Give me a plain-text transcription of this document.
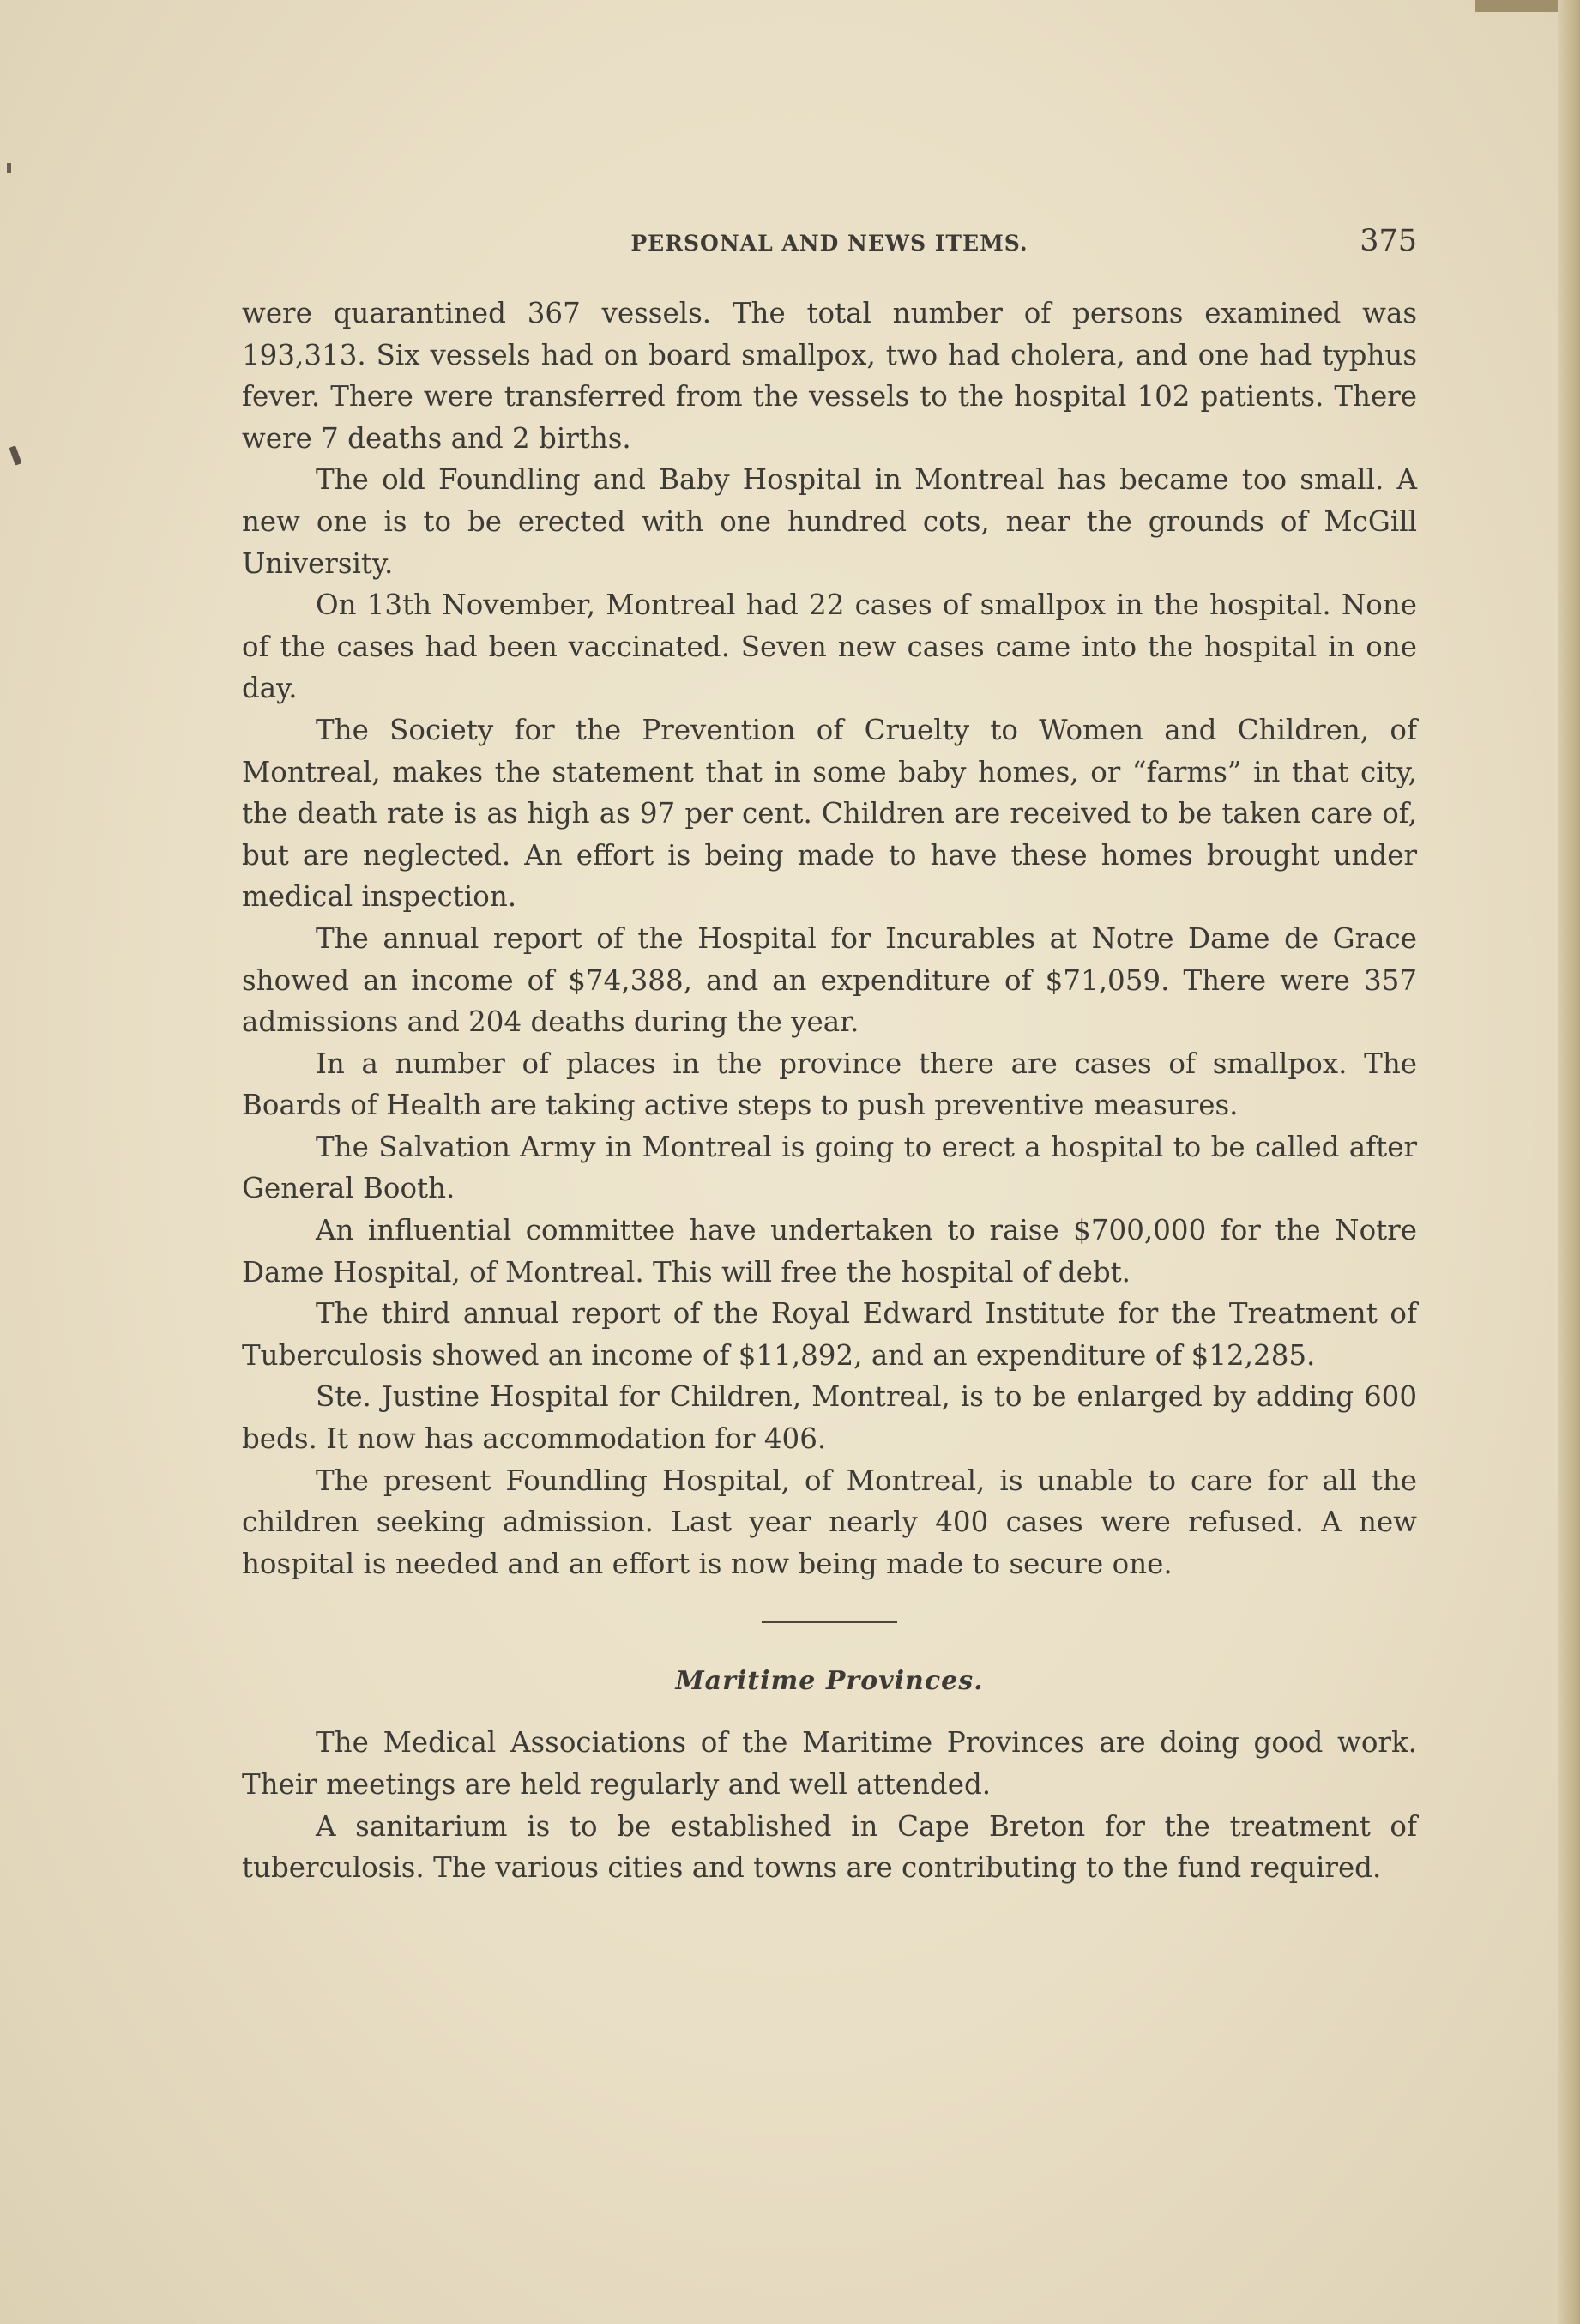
PERSONAL AND NEWS ITEMS.	375

were quarantined 367 vessels. The total number of persons examined was 193,313. Six vessels had on board smallpox, two had cholera, and one had typhus fever. There were transferred from the vessels to the hospital 102 patients. There were 7 deaths and 2 births.

The old Foundling and Baby Hospital in Montreal has became too small. A new one is to be erected with one hundred cots, near the grounds of McGill University.

On 13th November, Montreal had 22 cases of smallpox in the hospital. None of the cases had been vaccinated. Seven new cases came into the hospital in one day.

The Society for the Prevention of Cruelty to Women and Children, of Montreal, makes the statement that in some baby homes, or “farms” in that city, the death rate is as high as 97 per cent. Children are received to be taken care of, but are neglected. An effort is being made to have these homes brought under medical inspection.

The annual report of the Hospital for Incurables at Notre Dame de Grace showed an income of $74,388, and an expenditure of $71,059. There were 357 admissions and 204 deaths during the year.

In a number of places in the province there are cases of smallpox. The Boards of Health are taking active steps to push preventive measures.

The Salvation Army in Montreal is going to erect a hospital to be called after General Booth.

An influential committee have undertaken to raise $700,000 for the Notre Dame Hospital, of Montreal. This will free the hospital of debt.

The third annual report of the Royal Edward Institute for the Treatment of Tuberculosis showed an income of $11,892, and an expenditure of $12,285.

Ste. Justine Hospital for Children, Montreal, is to be enlarged by adding 600 beds. It now has accommodation for 406.

The present Foundling Hospital, of Montreal, is unable to care for all the children seeking admission. Last year nearly 400 cases were refused. A new hospital is needed and an effort is now being made to secure one.

Maritime Provinces.

The Medical Associations of the Maritime Provinces are doing good work. Their meetings are held regularly and well attended.

A sanitarium is to be established in Cape Breton for the treatment of tuberculosis. The various cities and towns are contributing to the fund required.
